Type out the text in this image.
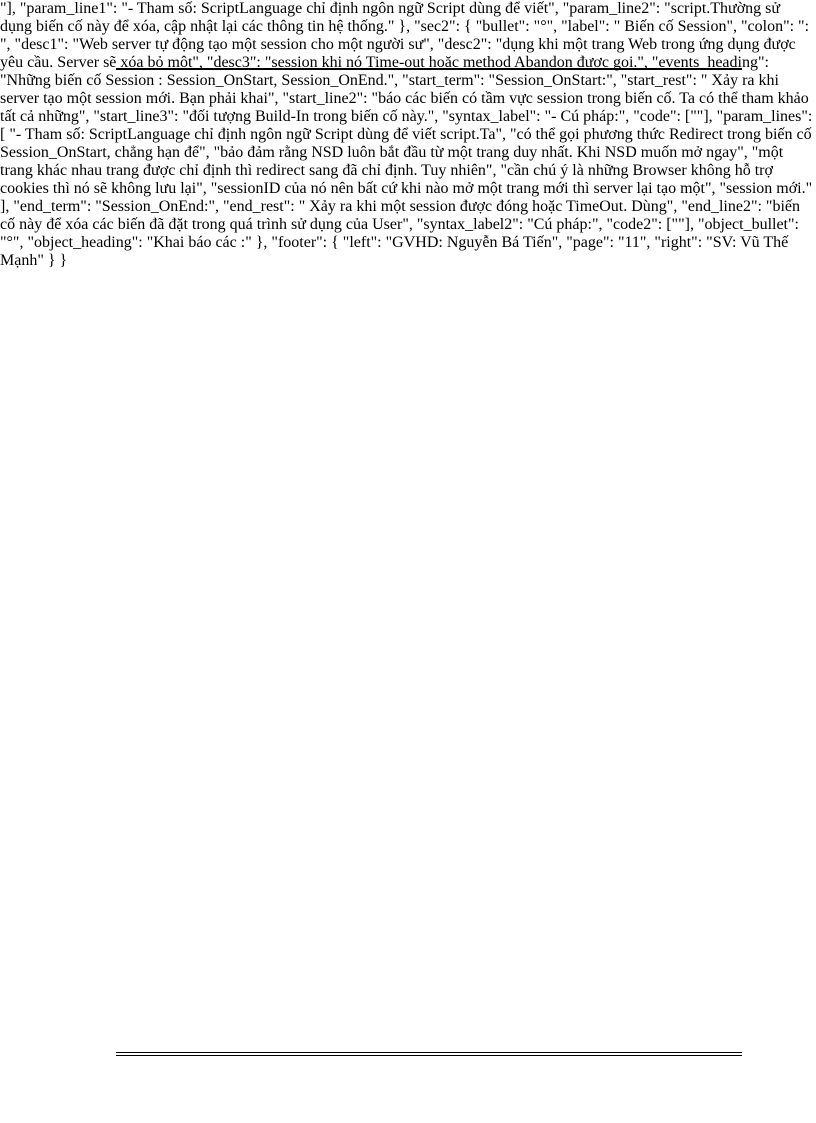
"], "param_line1": "- Tham số: ScriptLanguage chỉ định ngôn ngữ Script dùng để viết", "param_line2": "script.Thường sử dụng biến cố này để xóa, cập nhật lại các thông tin hệ thống." }, "sec2": { "bullet": "°", "label": " Biến cố Session", "colon": ": ", "desc1": "Web server tự động tạo một session cho một người sư", "desc2": "dụng khi một trang Web trong ứng dụng được yêu cầu. Server sẽ xóa bỏ một", "desc3": "session khi nó Time-out hoặc method Abandon được gọi.", "events_heading": "Những biến cố Session : Session_OnStart, Session_OnEnd.", "start_term": "Session_OnStart:", "start_rest": " Xảy ra khi server tạo một session mới. Bạn phải khai", "start_line2": "báo các biến có tầm vực session trong biến cố. Ta có thể tham khảo tất cả những", "start_line3": "đối tượng Build-In trong biến cố này.", "syntax_label": "- Cú pháp:", "code": [""], "param_lines": [ "- Tham số: ScriptLanguage chỉ định ngôn ngữ Script dùng để viết script.Ta", "có thể gọi phương thức Redirect trong biến cố Session_OnStart, chẳng hạn để", "bảo đảm rằng NSD luôn bắt đầu từ một trang duy nhất. Khi NSD muốn mở ngay", "một trang khác nhau trang được chỉ định thì redirect sang đã chỉ định. Tuy nhiên", "cần chú ý là những Browser không hỗ trợ cookies thì nó sẽ không lưu lại", "sessionID của nó nên bất cứ khi nào mở một trang mới thì server lại tạo một", "session mới." ], "end_term": "Session_OnEnd:", "end_rest": " Xảy ra khi một session được đóng hoặc TimeOut. Dùng", "end_line2": "biến cố này để xóa các biến đã đặt trong quá trình sử dụng của User", "syntax_label2": "Cú pháp:", "code2": [""], "object_bullet": "°", "object_heading": "Khai báo các :" }, "footer": { "left": "GVHD: Nguyễn Bá Tiến", "page": "11", "right": "SV: Vũ Thế Mạnh" } }
